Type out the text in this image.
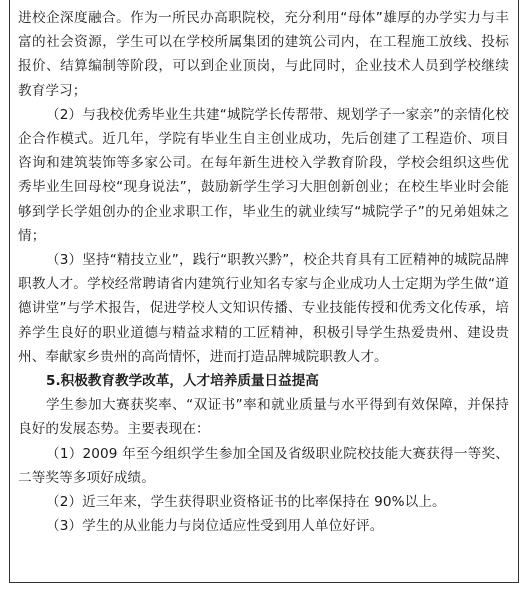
进校企深度融合。作为一所民办高职院校，充分利用“母体”雄厚的办学实力与丰富的社会资源，学生可以在学校所属集团的建筑公司内，在工程施工放线、投标报价、结算编制等阶段，可以到企业顶岗，与此同时，企业技术人员到学校继续教育学习；

（2）与我校优秀毕业生共建“城院学长传帮带、规划学子一家亲”的亲情化校企合作模式。近几年，学院有毕业生自主创业成功，先后创建了工程造价、项目咨询和建筑装饰等多家公司。在每年新生进校入学教育阶段，学校会组织这些优秀毕业生回母校“现身说法”，鼓励新学生学习大胆创新创业；在校生毕业时会能够到学长学姐创办的企业求职工作，毕业生的就业续写“城院学子”的兄弟姐妹之情；

（3）坚持“精技立业”，践行“职教兴黔”，校企共育具有工匠精神的城院品牌职教人才。学校经常聘请省内建筑行业知名专家与企业成功人士定期为学生做“道德讲堂”与学术报告，促进学校人文知识传播、专业技能传授和优秀文化传承，培养学生良好的职业道德与精益求精的工匠精神，积极引导学生热爱贵州、建设贵州、奉献家乡贵州的高尚情怀，进而打造品牌城院职教人才。

5.积极教育教学改革，人才培养质量日益提高

学生参加大赛获奖率、“双证书”率和就业质量与水平得到有效保障，并保持良好的发展态势。主要表现在：

（1）2009 年至今组织学生参加全国及省级职业院校技能大赛获得一等奖、二等奖等多项好成绩。

（2）近三年来，学生获得职业资格证书的比率保持在 90%以上。

（3）学生的从业能力与岗位适应性受到用人单位好评。
